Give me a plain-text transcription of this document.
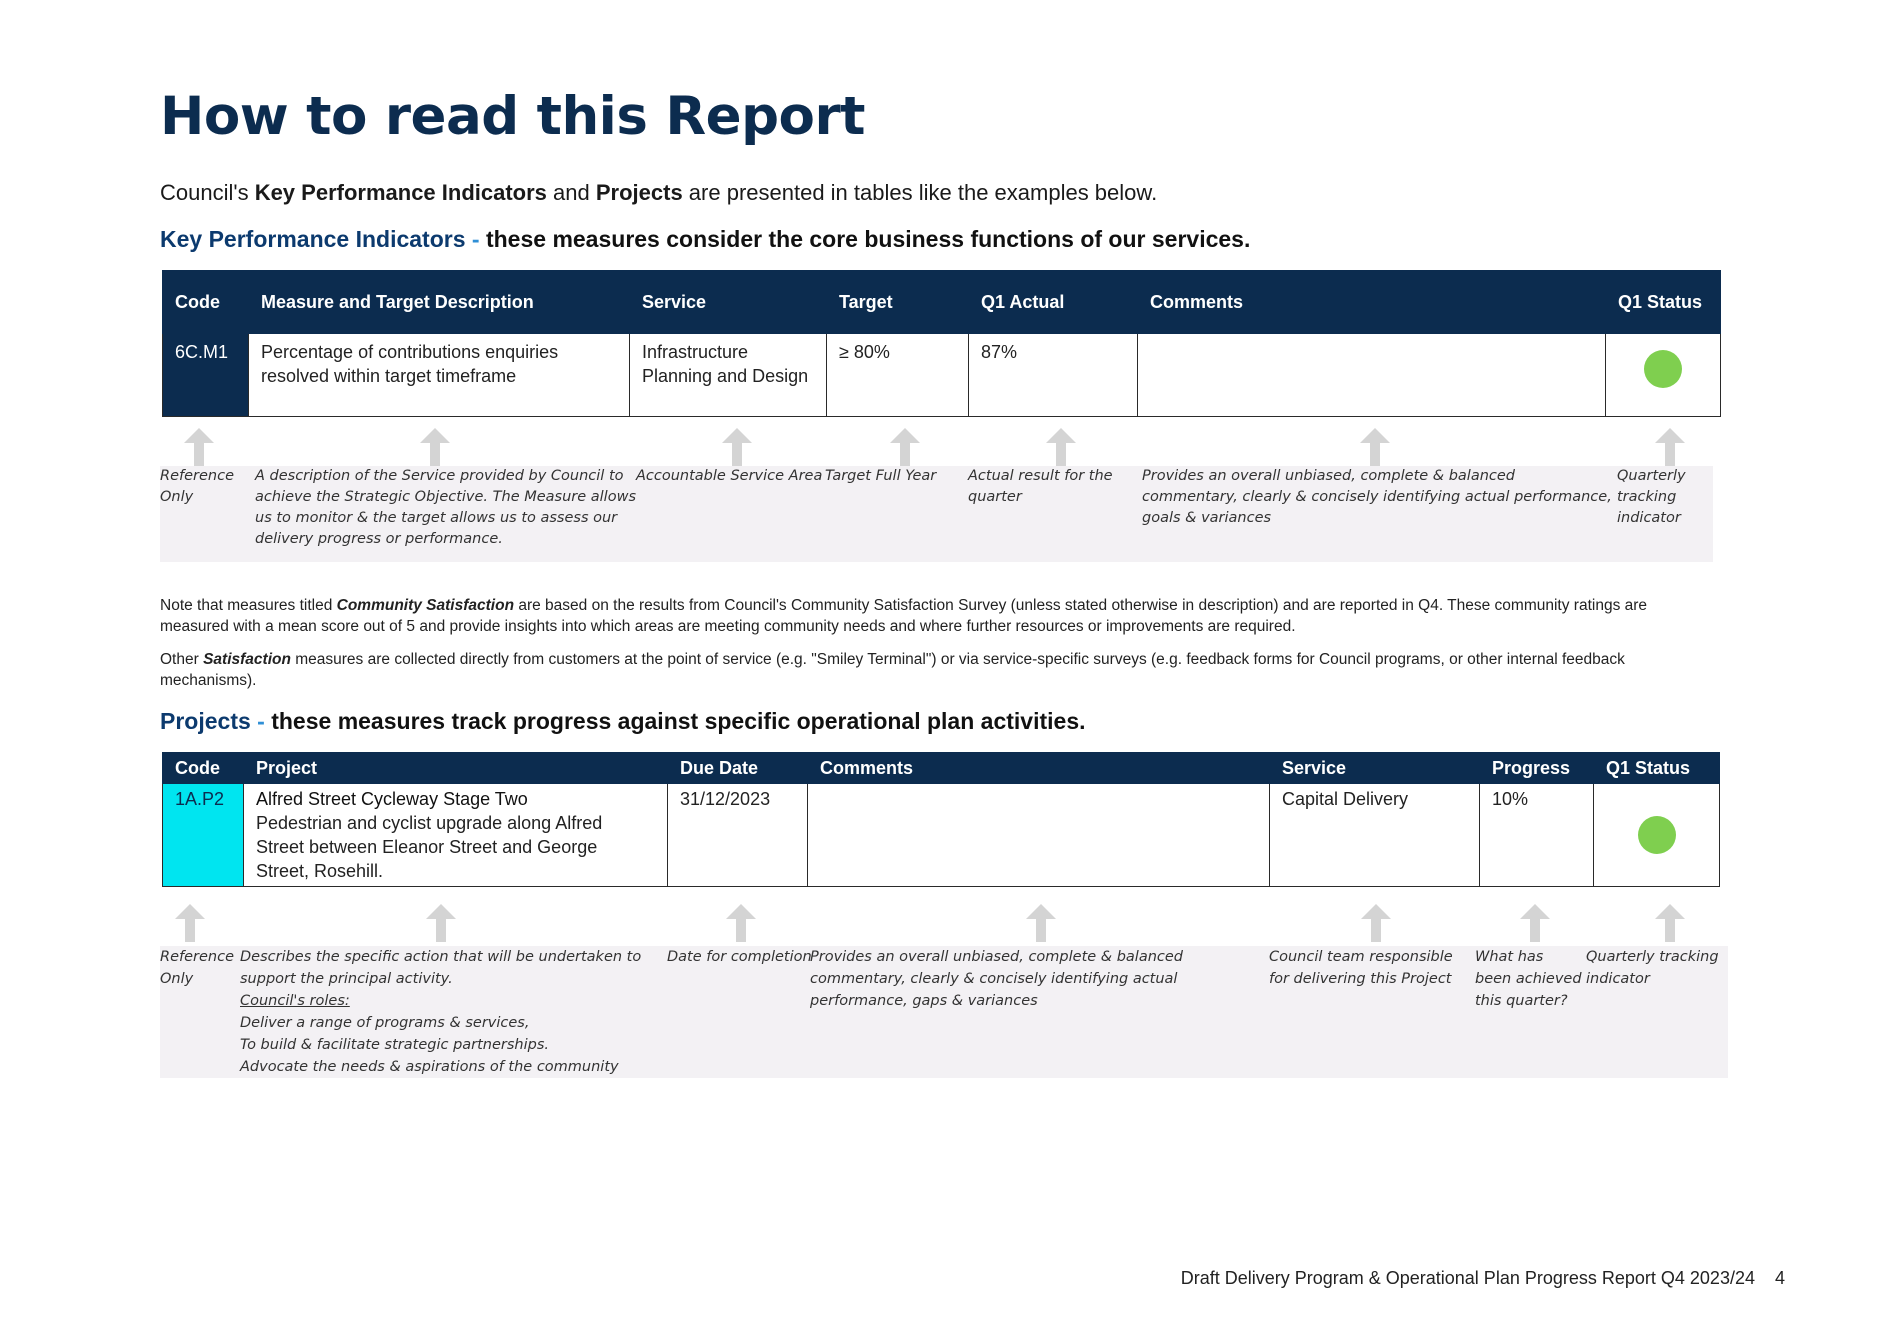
How to read this Report
Council's Key Performance Indicators and Projects are presented in tables like the examples below.
Key Performance Indicators - these measures consider the core business functions of our services.
Code	Measure and Target Description	Service	Target	Q1 Actual	Comments	Q1 Status
6C.M1	Percentage of contributions enquiries resolved within target timeframe	Infrastructure Planning and Design	≥ 80%	87%		
Reference Only
A description of the Service provided by Council to achieve the Strategic Objective. The Measure allows us to monitor & the target allows us to assess our delivery progress or performance.
Accountable Service Area Target Full Year	Actual result for the quarter
Provides an overall unbiased, complete & balanced commentary, clearly & concisely identifying actual performance, goals & variances
Quarterly tracking indicator
Note that measures titled Community Satisfaction are based on the results from Council's Community Satisfaction Survey (unless stated otherwise in description) and are reported in Q4. These community ratings are measured with a mean score out of 5 and provide insights into which areas are meeting community needs and where further resources or improvements are required.
Other Satisfaction measures are collected directly from customers at the point of service (e.g. "Smiley Terminal") or via service-specific surveys (e.g. feedback forms for Council programs, or other internal feedback mechanisms).
Projects - these measures track progress against specific operational plan activities.
Code	Project	Due Date	Comments	Service	Progress	Q1 Status
1A.P2	Alfred Street Cycleway Stage Two
Pedestrian and cyclist upgrade along Alfred Street between Eleanor Street and George Street, Rosehill.	31/12/2023		Capital Delivery	10%	
Reference Only
Describes the specific action that will be undertaken to support the principal activity.
Council's roles:
Deliver a range of programs & services,
To build & facilitate strategic partnerships.
Advocate the needs & aspirations of the community
Date for completion
Provides an overall unbiased, complete & balanced commentary, clearly & concisely identifying actual performance, gaps & variances
Council team responsible for delivering this Project
What has been achieved this quarter?
Quarterly tracking indicator
Draft Delivery Program & Operational Plan Progress Report Q4 2023/24 4
